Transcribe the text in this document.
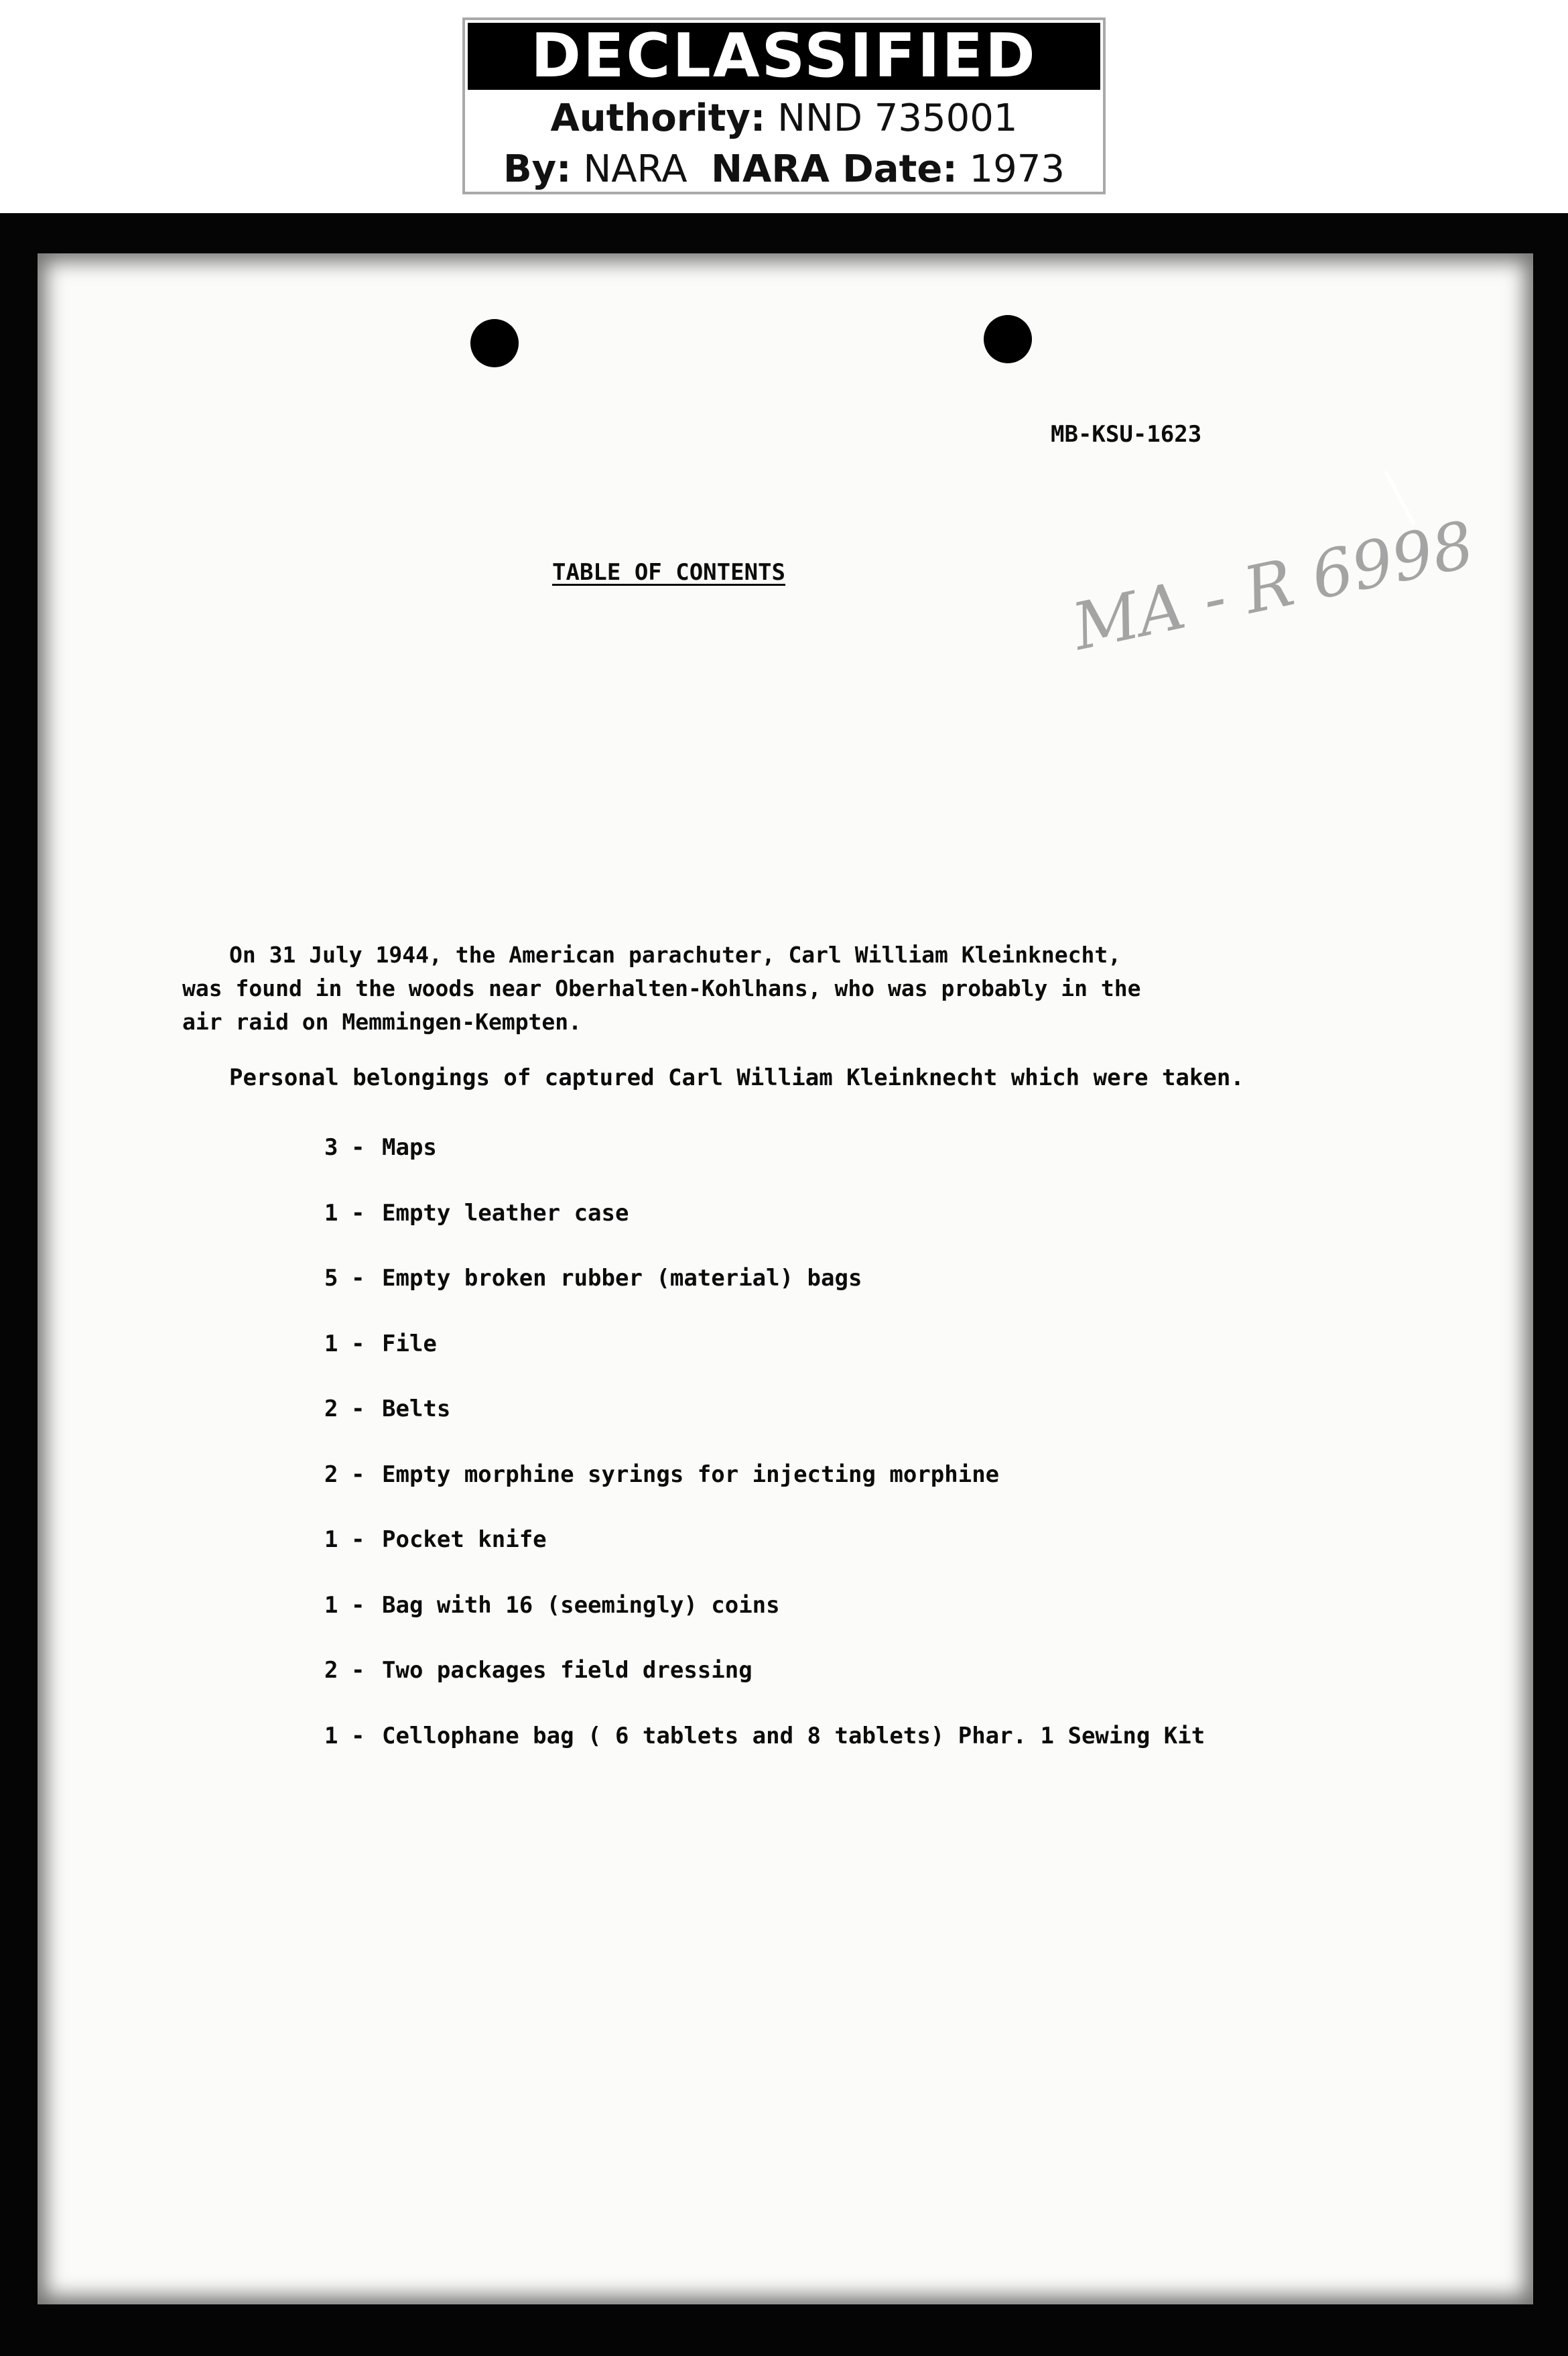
DECLASSIFIED
Authority: NND 735001
By: NARA NARA Date: 1973
MB-KSU-1623
TABLE OF CONTENTS	MA - R 6998
On 31 July 1944, the American parachuter, Carl William Kleinknecht,
was found in the woods near Oberhalten-Kohlhans, who was probably in the
air raid on Memmingen-Kempten.
Personal belongings of captured Carl William Kleinknecht which were taken.
3 - Maps
1 - Empty leather case
5 - Empty broken rubber (material) bags
1 - File
2 - Belts
2 - Empty morphine syrings for injecting morphine
1 - Pocket knife
1 - Bag with 16 (seemingly) coins
2 - Two packages field dressing
1 - Cellophane bag ( 6 tablets and 8 tablets) Phar. 1 Sewing Kit
